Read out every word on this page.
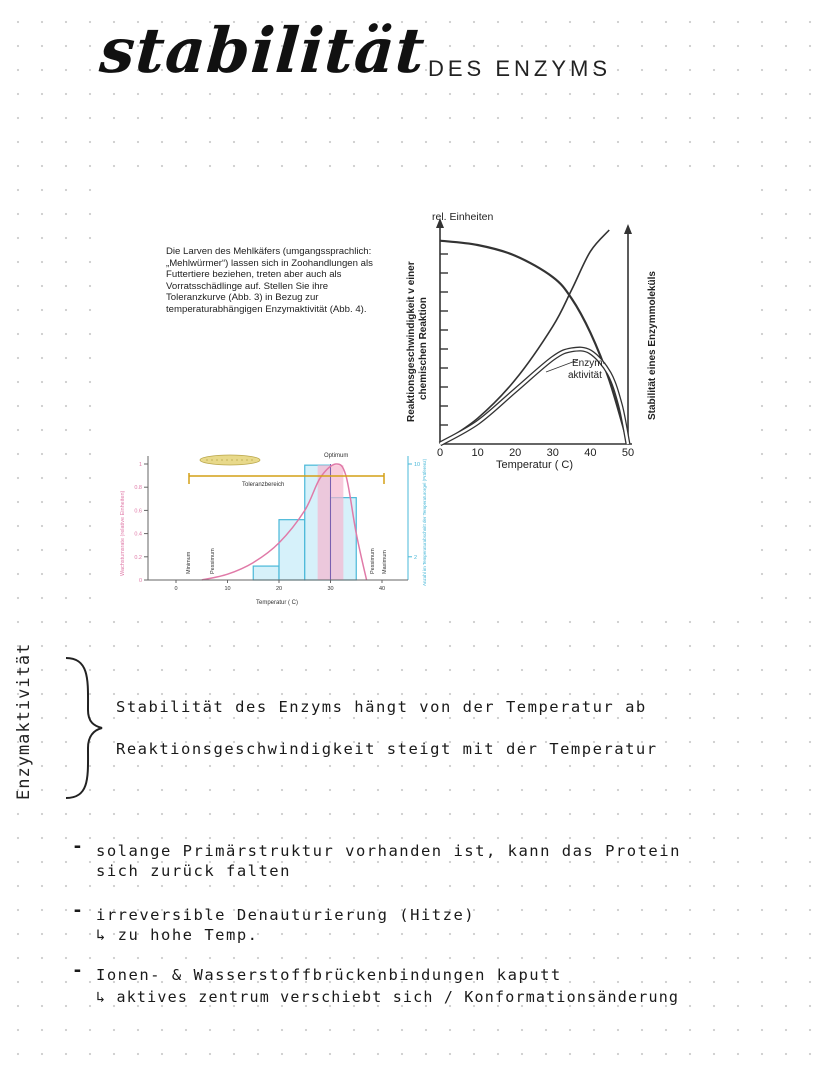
stabilität DES ENZYMS
Die Larven des Mehlkäfers (umgangssprachlich: „Mehlwürmer“) lassen sich in Zoohandlungen als Futtertiere beziehen, treten aber auch als Vorratsschädlinge auf. Stellen Sie ihre Toleranzkurve (Abb. 3) in Bezug zur temperaturabhängigen Enzymaktivität (Abb. 4).
0	10 20 30 40 50
rel. Einheiten
Reaktionsgeschwindigkeit v einer chemischen Reaktion	Stabilität eines Enzymmoleküls
Temperatur ( C)
Enzym-
aktivität
0
0.2
0.4
0.6
0.8
1
2
10
0	10	20	30	40
Toleranzbereich
Optimum
Minimum	Pessimum	Pessimum Maximum
Wachstumsrate (relative Einheiten)	Anzahl im Temperaturabschnitt der Temperaturorgel (Präferenz)
Temperatur ( C)
Enzymaktivität	Stabilität des Enzyms hängt von der Temperatur ab
Reaktionsgeschwindigkeit steigt mit der Temperatur
- solange Primärstruktur vorhanden ist, kann das Protein
sich zurück falten
- irreversible Denauturierung (Hitze)
↳ zu hohe Temp.
- Ionen- & Wasserstoffbrückenbindungen kaputt
↳ aktives zentrum verschiebt sich / Konformationsänderung
